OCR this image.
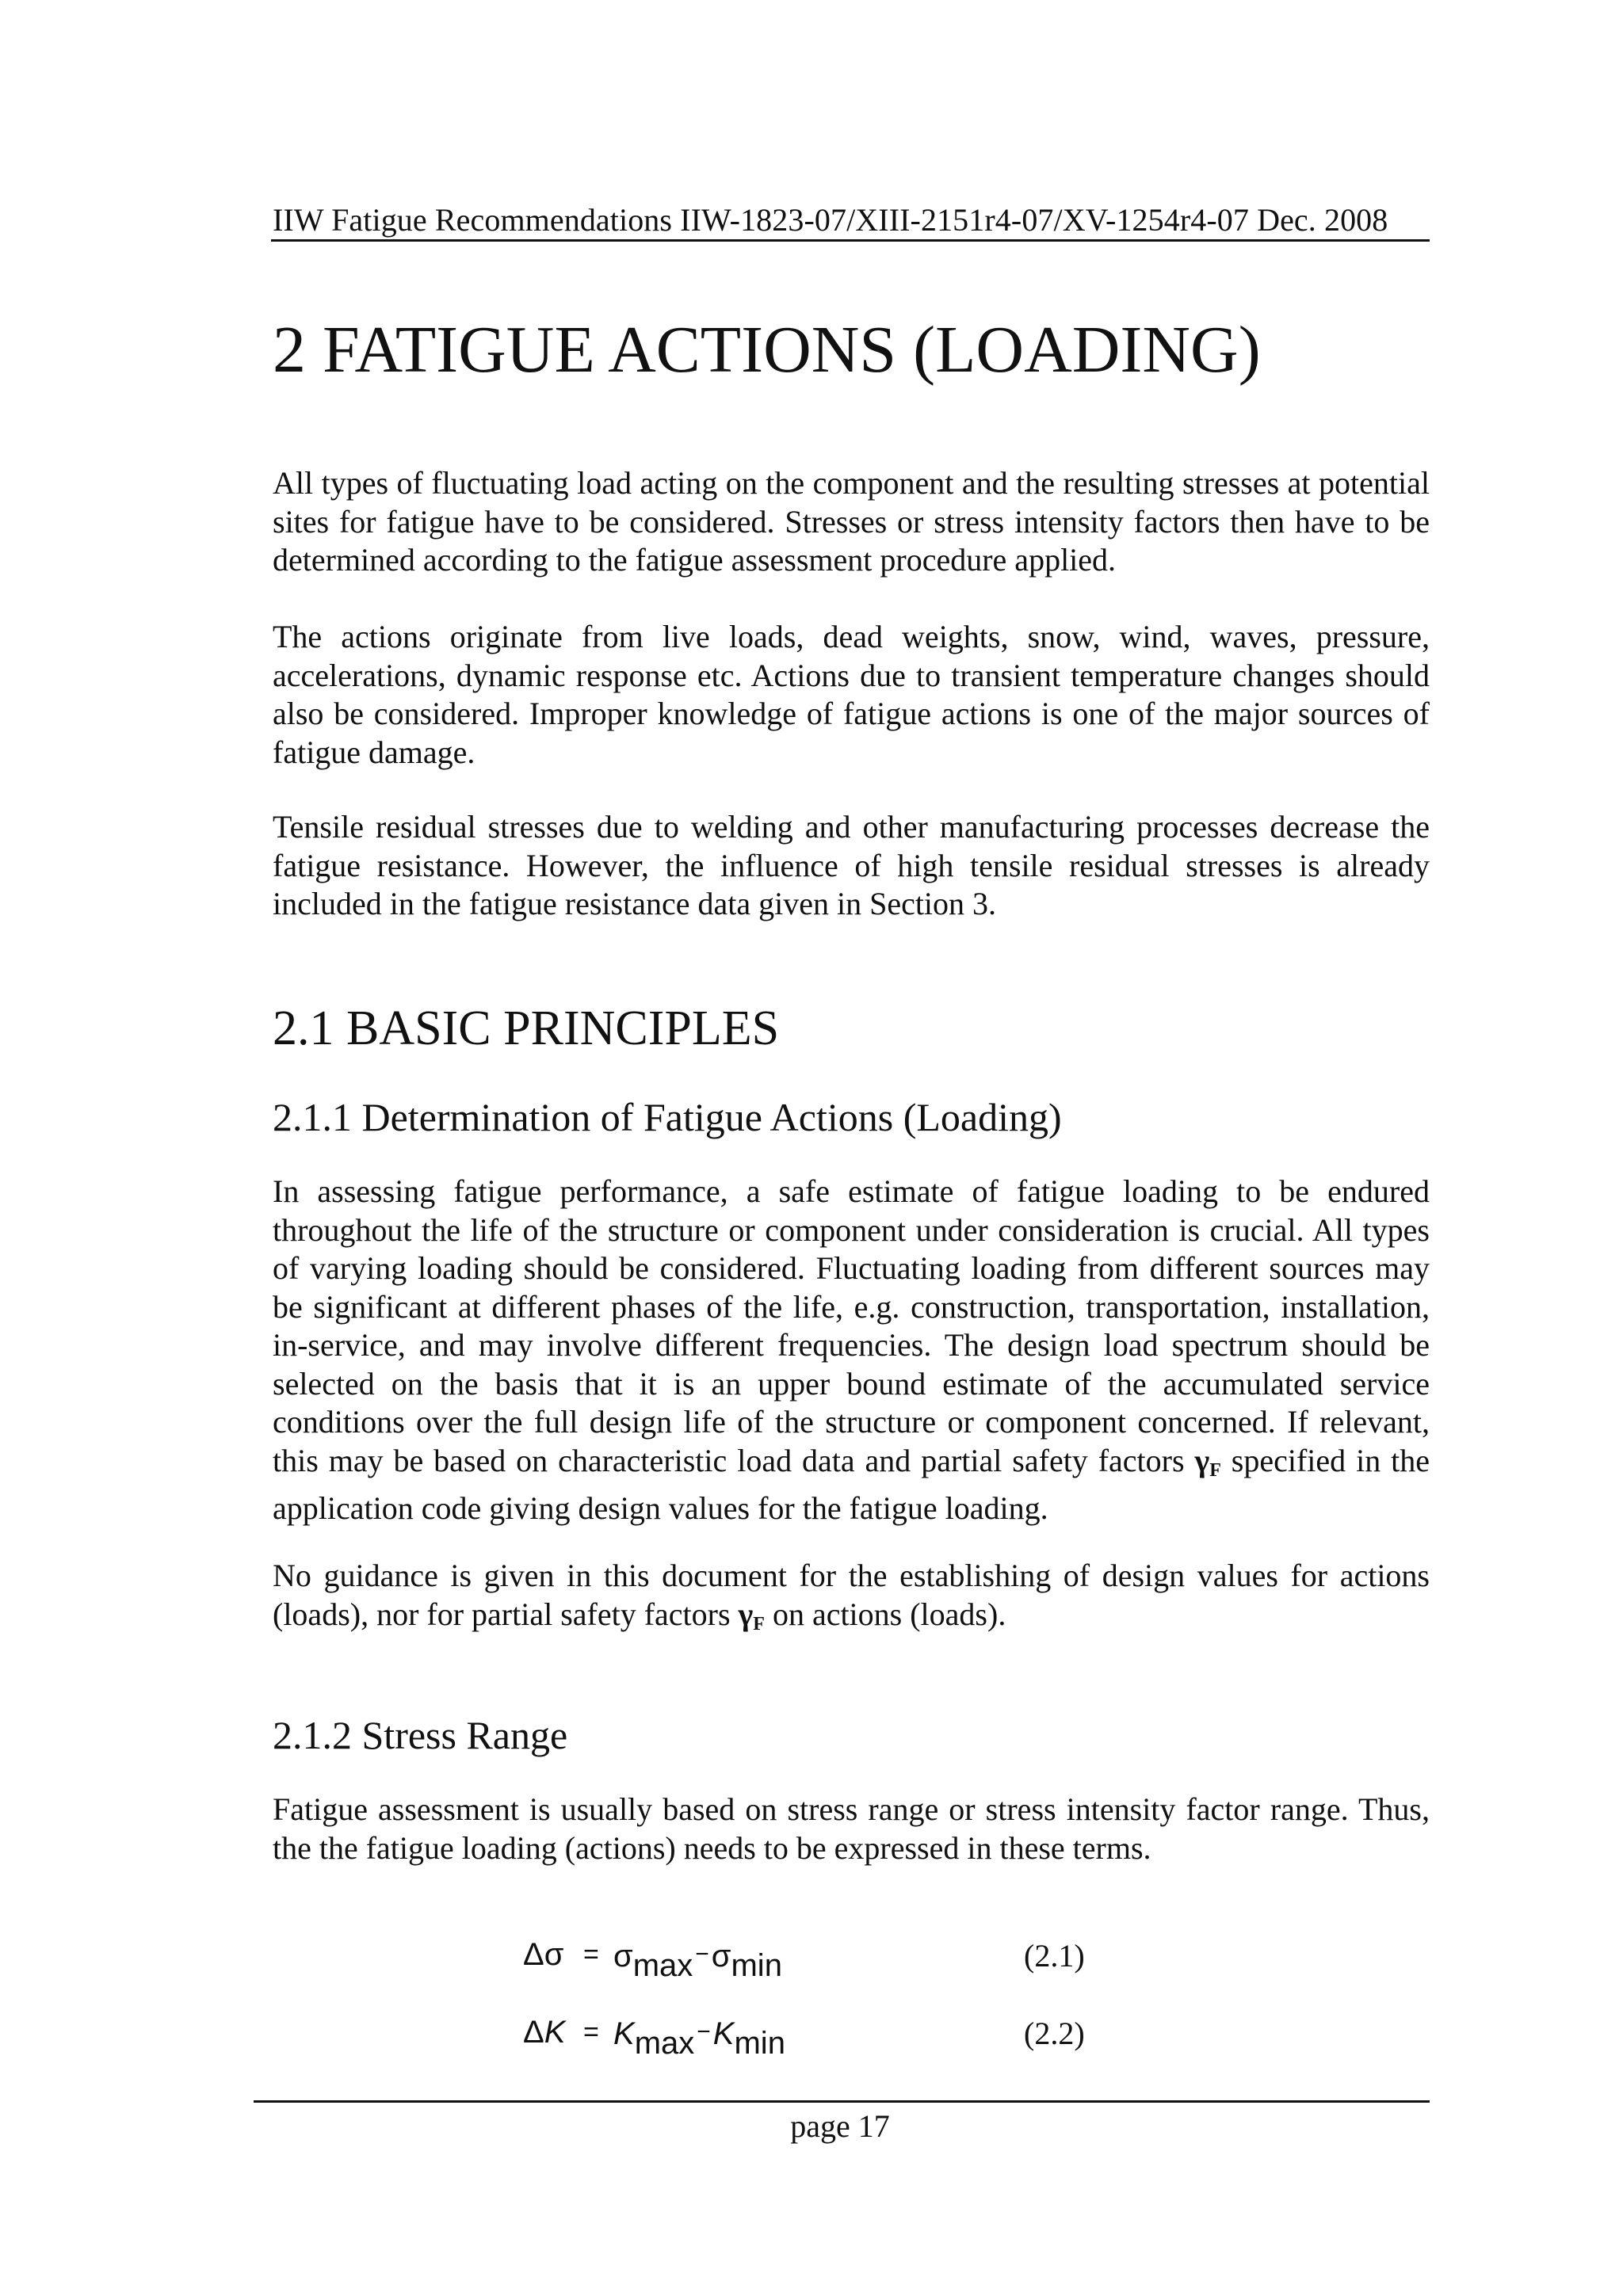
IIW Fatigue Recommendations IIW-1823-07/XIII-2151r4-07/XV-1254r4-07 Dec. 2008
2 FATIGUE ACTIONS (LOADING)

All types of fluctuating load acting on the component and the resulting stresses at potential sites for fatigue have to be considered. Stresses or stress intensity factors then have to be determined according to the fatigue assessment procedure applied.

The actions originate from live loads, dead weights, snow, wind, waves, pressure, accelerations, dynamic response etc. Actions due to transient temperature changes should also be considered. Improper knowledge of fatigue actions is one of the major sources of fatigue damage.

Tensile residual stresses due to welding and other manufacturing processes decrease the fatigue resistance. However, the influence of high tensile residual stresses is already included in the fatigue resistance data given in Section 3.

2.1 BASIC PRINCIPLES
2.1.1 Determination of Fatigue Actions (Loading)

In assessing fatigue performance, a safe estimate of fatigue loading to be endured throughout the life of the structure or component under consideration is crucial. All types of varying loading should be considered. Fluctuating loading from different sources may be significant at different phases of the life, e.g. construction, transportation, installation, in-service, and may involve different frequencies. The design load spectrum should be selected on the basis that it is an upper bound estimate of the accumulated service conditions over the full design life of the structure or component concerned. If relevant, this may be based on characteristic load data and partial safety factors $\gamma_F$ specified in the application code giving design values for the fatigue loading.

No guidance is given in this document for the establishing of design values for actions (loads), nor for partial safety factors $\gamma_F$ on actions (loads).

2.1.2 Stress Range

Fatigue assessment is usually based on stress range or stress intensity factor range. Thus, the the fatigue loading (actions) needs to be expressed in these terms.

$\Delta\sigma = \sigma_{max} -\sigma_{min}$	(2.1)
$\Delta K = K_{max} -K_{min}$	(2.2)
page 17
